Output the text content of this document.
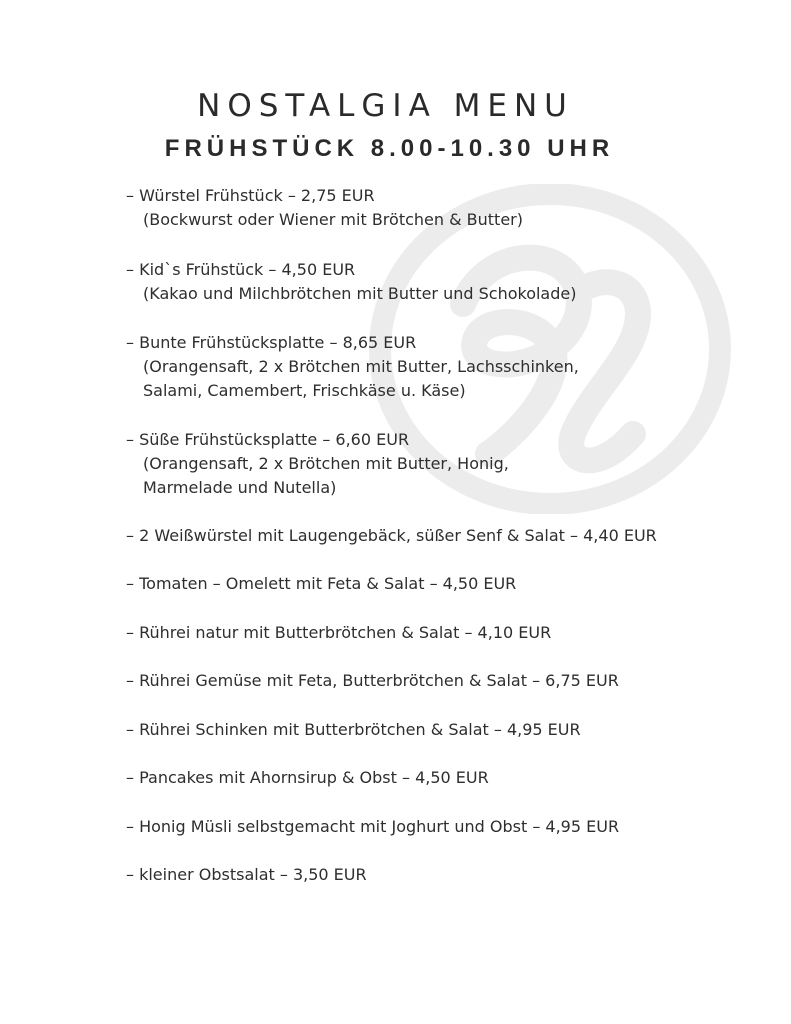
NOSTALGIA MENU
FRÜHSTÜCK 8.00-10.30 UHR
– Würstel Frühstück – 2,75 EUR
(Bockwurst oder Wiener mit Brötchen & Butter)
– Kid`s Frühstück – 4,50 EUR
(Kakao und Milchbrötchen mit Butter und Schokolade)
– Bunte Frühstücksplatte – 8,65 EUR
(Orangensaft, 2 x Brötchen mit Butter, Lachsschinken,
Salami, Camembert, Frischkäse u. Käse)
– Süße Frühstücksplatte – 6,60 EUR
(Orangensaft, 2 x Brötchen mit Butter, Honig,
Marmelade und Nutella)
– 2 Weißwürstel mit Laugengebäck, süßer Senf & Salat – 4,40 EUR
– Tomaten – Omelett mit Feta & Salat – 4,50 EUR
– Rührei natur mit Butterbrötchen & Salat – 4,10 EUR
– Rührei Gemüse mit Feta, Butterbrötchen & Salat – 6,75 EUR
– Rührei Schinken mit Butterbrötchen & Salat – 4,95 EUR
– Pancakes mit Ahornsirup & Obst – 4,50 EUR
– Honig Müsli selbstgemacht mit Joghurt und Obst – 4,95 EUR
– kleiner Obstsalat – 3,50 EUR
